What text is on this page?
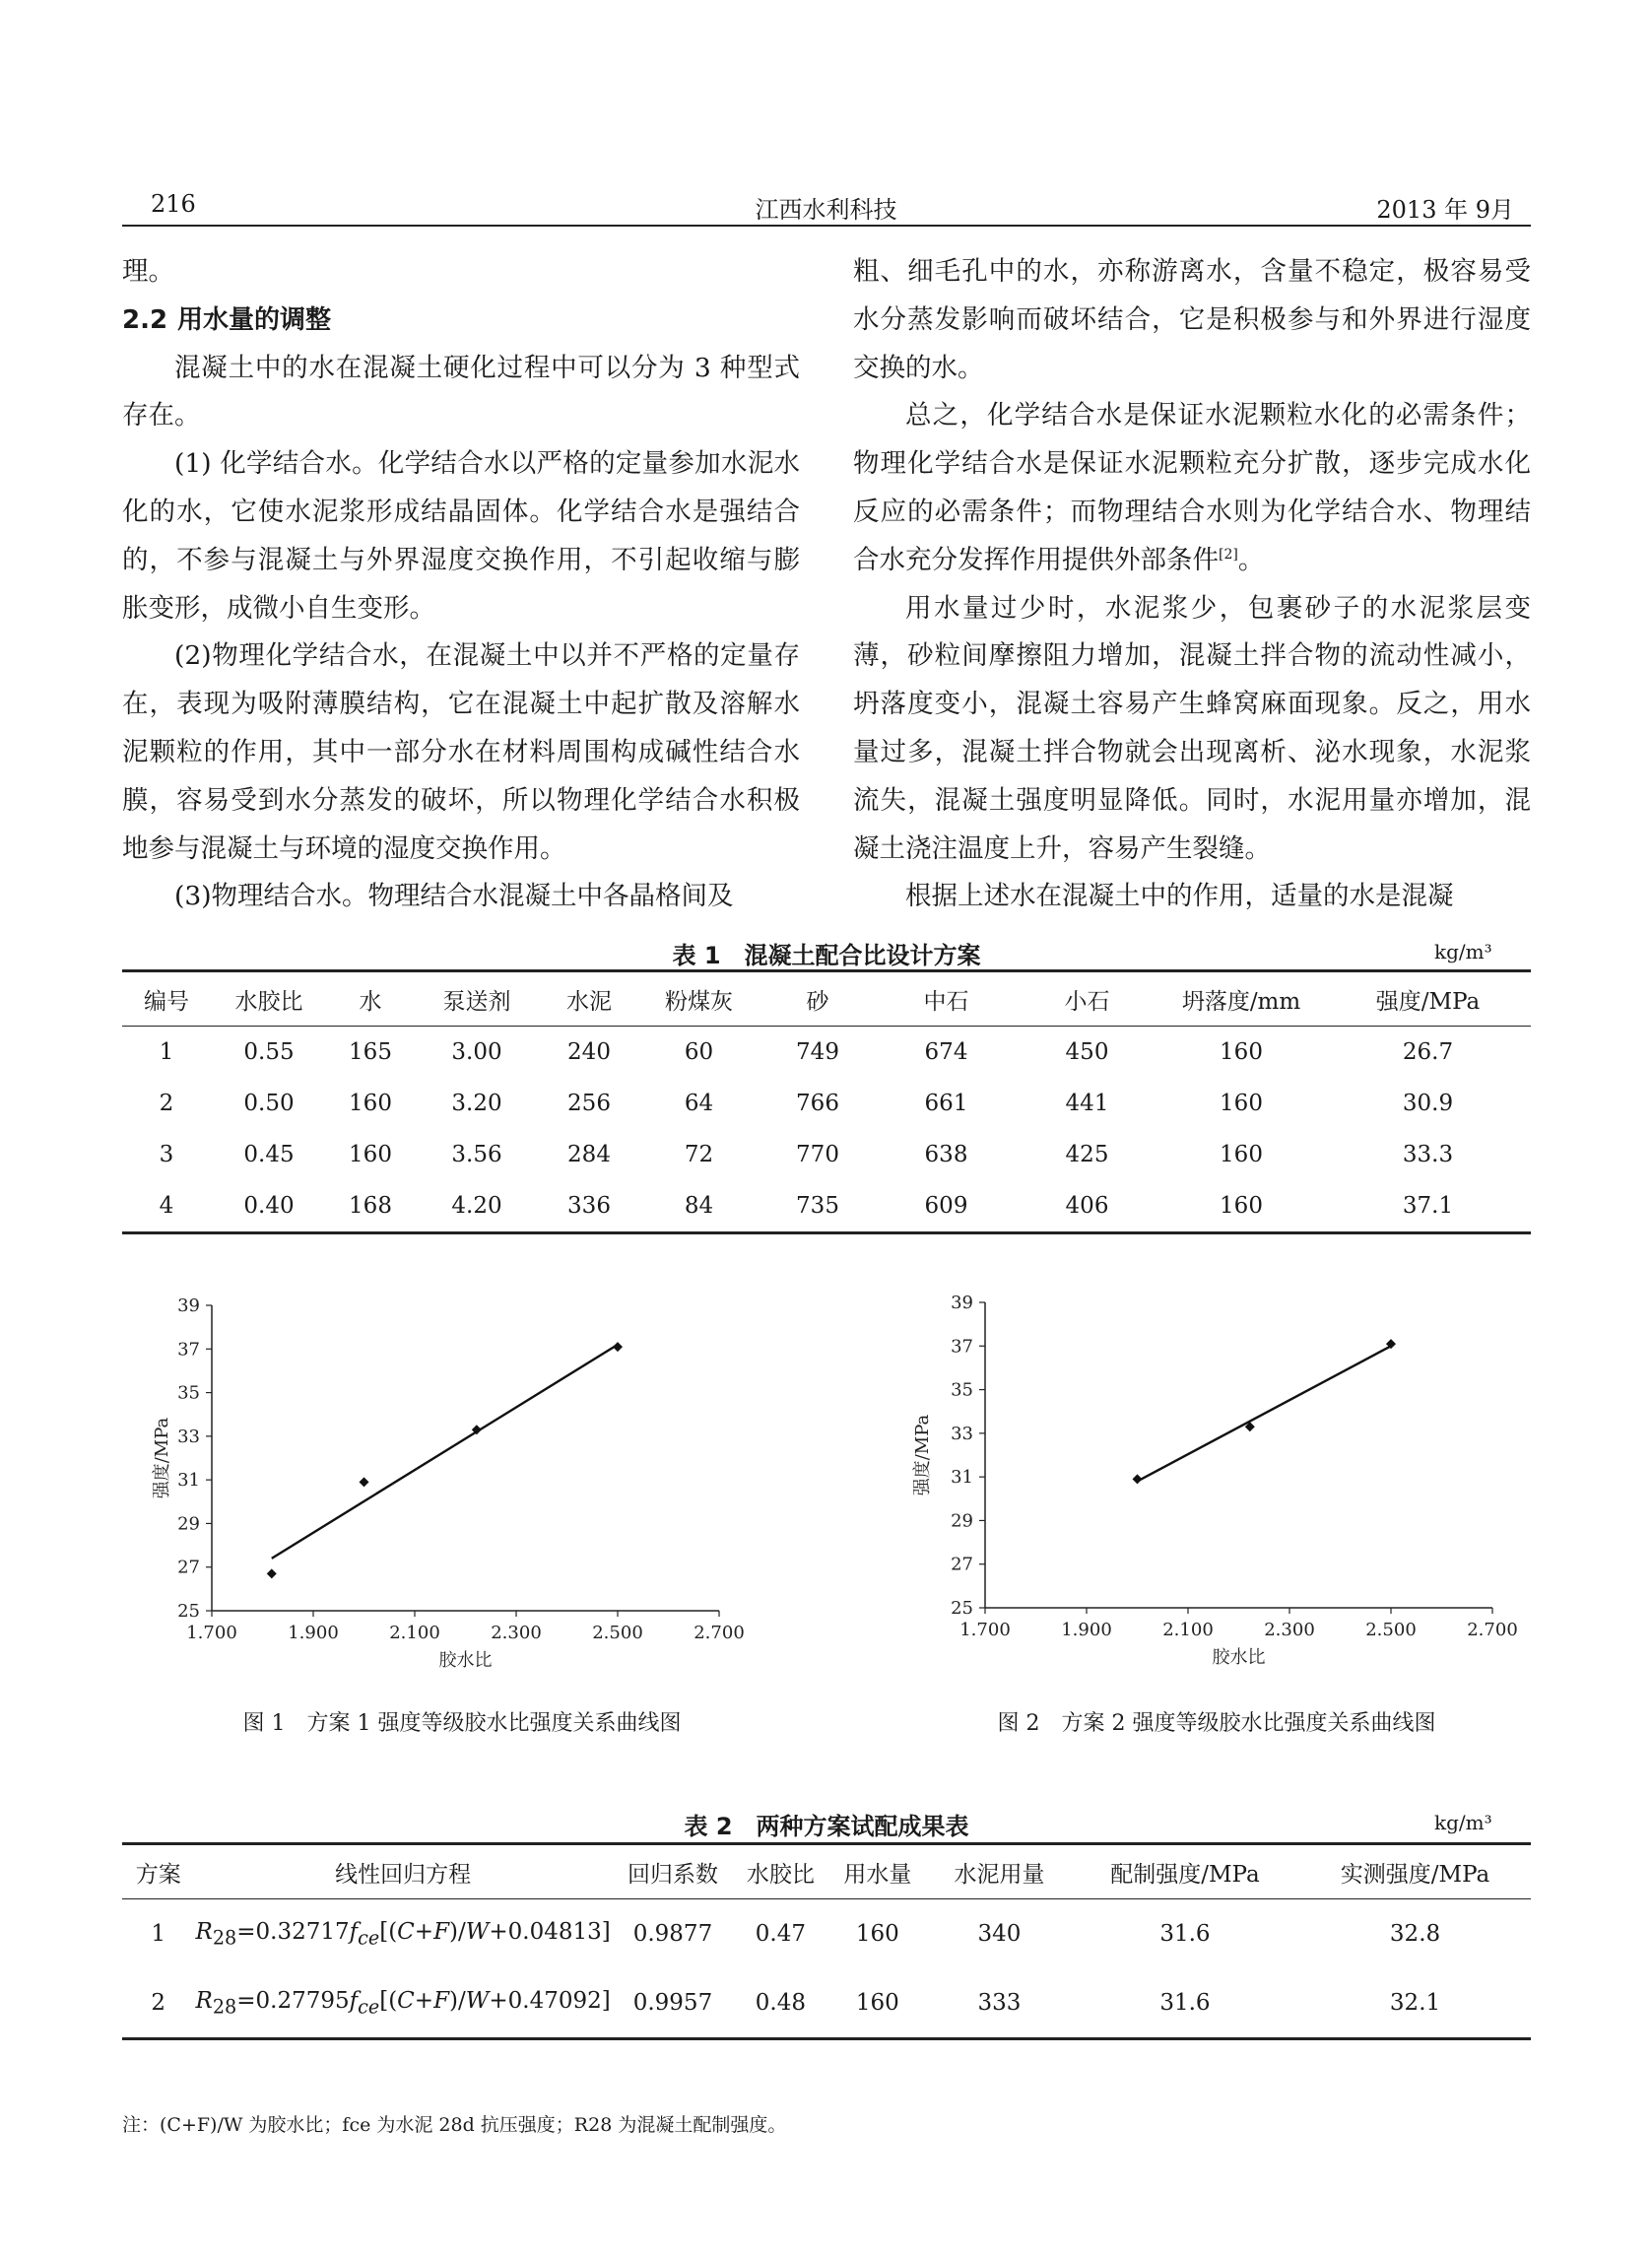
216	江西水利科技	2013 年 9月

理。

2.2 用水量的调整

混凝土中的水在混凝土硬化过程中可以分为 3 种型式存在。

(1) 化学结合水。化学结合水以严格的定量参加水泥水化的水，它使水泥浆形成结晶固体。化学结合水是强结合的，不参与混凝土与外界湿度交换作用，不引起收缩与膨胀变形，成微小自生变形。

(2)物理化学结合水，在混凝土中以并不严格的定量存在，表现为吸附薄膜结构，它在混凝土中起扩散及溶解水泥颗粒的作用，其中一部分水在材料周围构成碱性结合水膜，容易受到水分蒸发的破坏，所以物理化学结合水积极地参与混凝土与环境的湿度交换作用。

(3)物理结合水。物理结合水混凝土中各晶格间及

粗、细毛孔中的水，亦称游离水，含量不稳定，极容易受水分蒸发影响而破坏结合，它是积极参与和外界进行湿度交换的水。

总之，化学结合水是保证水泥颗粒水化的必需条件；物理化学结合水是保证水泥颗粒充分扩散，逐步完成水化反应的必需条件；而物理结合水则为化学结合水、物理结合水充分发挥作用提供外部条件[2]。

用水量过少时，水泥浆少，包裹砂子的水泥浆层变薄，砂粒间摩擦阻力增加，混凝土拌合物的流动性减小，坍落度变小，混凝土容易产生蜂窝麻面现象。反之，用水量过多，混凝土拌合物就会出现离析、泌水现象，水泥浆流失，混凝土强度明显降低。同时，水泥用量亦增加，混凝土浇注温度上升，容易产生裂缝。

根据上述水在混凝土中的作用，适量的水是混凝

表 1　混凝土配合比设计方案	kg/m³
编号	水胶比	水	泵送剂	水泥	粉煤灰	砂	中石	小石	坍落度/mm	强度/MPa
1	0.55	165	3.00	240	60	749	674	450	160	26.7
2	0.50	160	3.20	256	64	766	661	441	160	30.9
3	0.45	160	3.56	284	72	770	638	425	160	33.3
4	0.40	168	4.20	336	84	735	609	406	160	37.1
25
27
29
31
33
35
37
39
1.700	1.900	2.100	2.300	2.500	2.700
胶水比
强度/MPa
图 1　方案 1 强度等级胶水比强度关系曲线图
25
27
29
31
33
35
37
39
1.700	1.900	2.100	2.300	2.500	2.700
胶水比
强度/MPa
图 2　方案 2 强度等级胶水比强度关系曲线图
表 2　两种方案试配成果表	kg/m³
方案	线性回归方程	回归系数	水胶比	用水量	水泥用量	配制强度/MPa	实测强度/MPa
1	$R_{28}=0.32717f_{ce}[(C+F)/W+0.04813]$	0.9877	0.47	160	340	31.6	32.8
2	$R_{28}=0.27795f_{ce}[(C+F)/W+0.47092]$	0.9957	0.48	160	333	31.6	32.1
注：(C+F)/W 为胶水比；fce 为水泥 28d 抗压强度；R28 为混凝土配制强度。
